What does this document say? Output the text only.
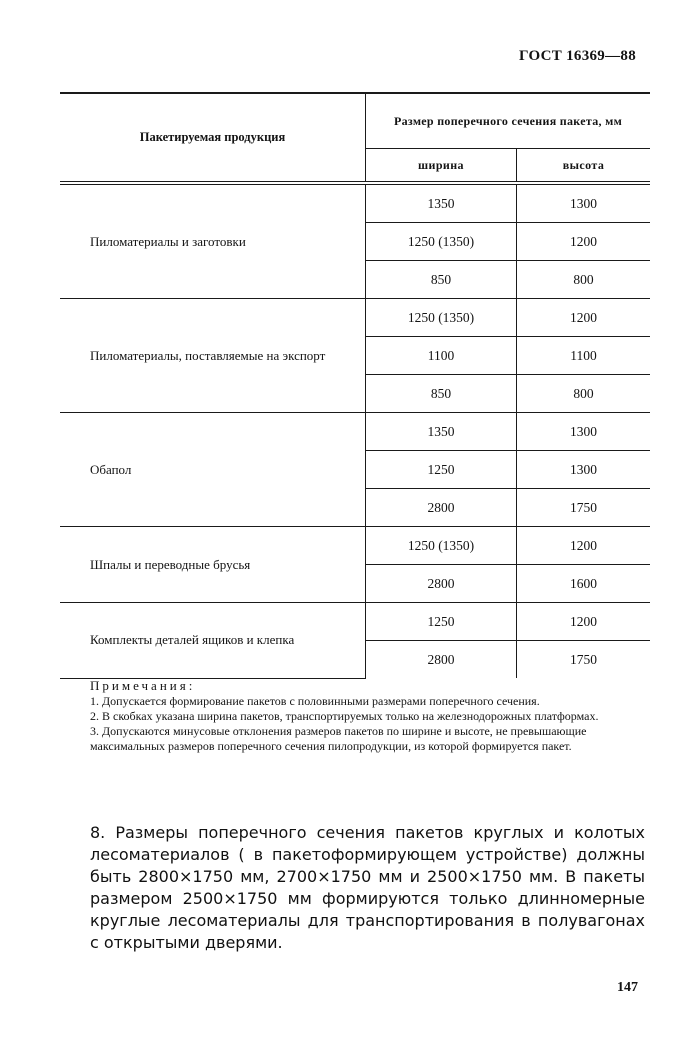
ГОСТ 16369—88
Пакетируемая продукция	Размер поперечного сечения пакета, мм	
	ширина	высота
Пиломатериалы и заготовки	1350	1300
	1250 (1350)	1200
	850	800
Пиломатериалы, поставляемые на экспорт	1250 (1350)	1200
	1100	1100
	850	800
Обапол	1350	1300
	1250	1300
	2800	1750
Шпалы и переводные брусья	1250 (1350)	1200
	2800	1600
Комплекты деталей ящиков и клепка	1250	1200
	2800	1750
Примечания:

1. Допускается формирование пакетов с половинными размерами поперечного сечения.

2. В скобках указана ширина пакетов, транспортируемых только на железнодорожных платформах.

3. Допускаются минусовые отклонения размеров пакетов по ширине и высоте, не превышающие максимальных размеров поперечного сечения пилопродукции, из которой формируется пакет.

8. Размеры поперечного сечения пакетов круглых и колотых лесоматериалов ( в пакетоформирующем устройстве) должны быть 2800×1750 мм, 2700×1750 мм и 2500×1750 мм. В пакеты размером 2500×1750 мм формируются только длинномерные круглые лесоматериалы для транспортирования в полувагонах с открытыми дверями.
147
